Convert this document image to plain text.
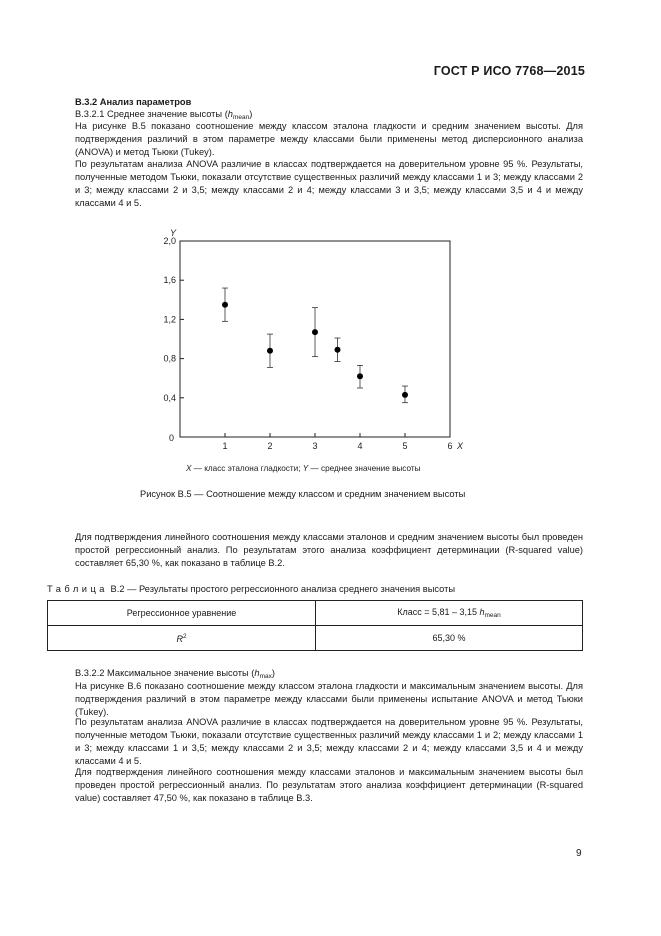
ГОСТ Р ИСО 7768—2015
В.3.2 Анализ параметров
В.3.2.1 Среднее значение высоты $(h_{mean})$
На рисунке В.5 показано соотношение между классом эталона гладкости и средним значением высоты. Для подтверждения различий в этом параметре между классами были применены метод дисперсионного анализа (ANOVA) и метод Тьюки (Tukey).
По результатам анализа ANOVA различие в классах подтверждается на доверительном уровне 95 %. Результаты, полученные методом Тьюки, показали отсутствие существенных различий между классами 1 и 3; между классами 2 и 3; между классами 2 и 3,5; между классами 2 и 4; между классами 3 и 3,5; между классами 3,5 и 4 и между классами 4 и 5.
0,4
0,8
1,2
1,6
2,0
1	2	3	4	5	6
0
X
Y
X — класс эталона гладкости; Y — среднее значение высоты
Рисунок В.5 — Соотношение между классом и средним значением высоты
Для подтверждения линейного соотношения между классами эталонов и средним значением высоты был проведен простой регрессионный анализ. По результатам этого анализа коэффициент детерминации (R-squared value) составляет 65,30 %, как показано в таблице В.2.
Таблица В.2 — Результаты простого регрессионного анализа среднего значения высоты
Регрессионное уравнение	Класс = 5,81 – 3,15 $h_{mean}$
$R^2$	65,30 %
В.3.2.2 Максимальное значение высоты $(h_{max})$
На рисунке В.6 показано соотношение между классом эталона гладкости и максимальным значением высоты. Для подтверждения различий в этом параметре между классами были применены испытание ANOVA и метод Тьюки (Tukey).
По результатам анализа ANOVA различие в классах подтверждается на доверительном уровне 95 %. Результаты, полученные методом Тьюки, показали отсутствие существенных различий между классами 1 и 2; между классами 1 и 3; между классами 1 и 3,5; между классами 2 и 3,5; между классами 2 и 4; между классами 3,5 и 4 и между классами 4 и 5.
Для подтверждения линейного соотношения между классами эталонов и максимальным значением высоты был проведен простой регрессионный анализ. По результатам этого анализа коэффициент детерминации (R-squared value) составляет 47,50 %, как показано в таблице В.3.
9
